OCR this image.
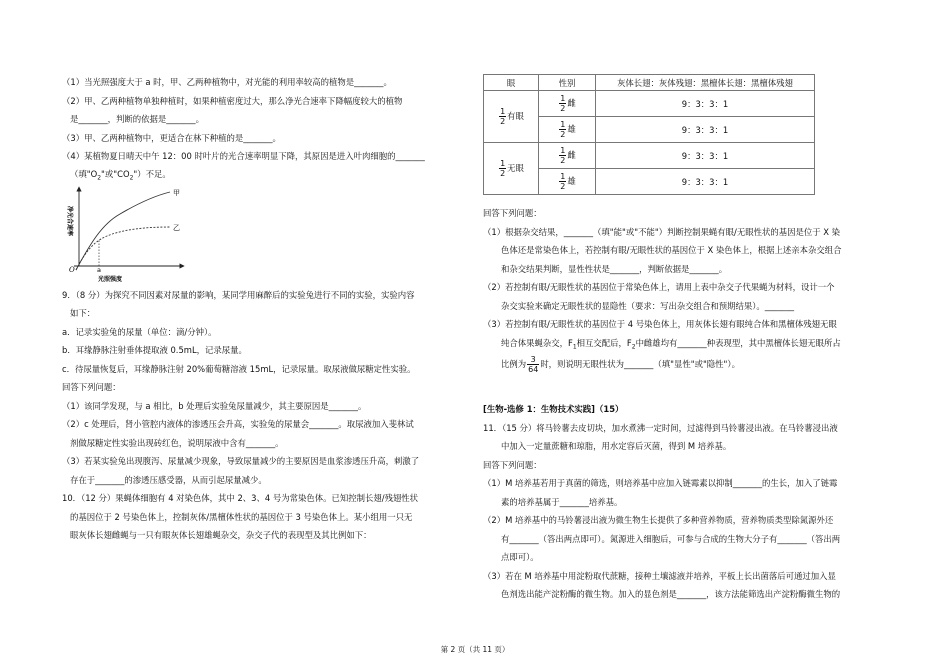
（1）当光照强度大于 a 时，甲、乙两种植物中，对光能的利用率较高的植物是_______。
（2）甲、乙两种植物单独种植时，如果种植密度过大，那么净光合速率下降幅度较大的植物
是_______，判断的依据是_______。
（3）甲、乙两种植物中，更适合在林下种植的是_______。
（4）某植物夏日晴天中午 12：00 时叶片的光合速率明显下降，其原因是进入叶肉细胞的_______
（填"$O_2$"或"$CO_2$"）不足。
净光合速率
O	a
光照强度
甲
乙
9．（8 分）为探究不同因素对尿量的影响，某同学用麻醉后的实验兔进行不同的实验，实验内容
如下：
a．记录实验兔的尿量（单位：滴/分钟）。
b．耳缘静脉注射垂体提取液 0.5mL，记录尿量。
c．待尿量恢复后，耳缘静脉注射 20%葡萄糖溶液 15mL，记录尿量。取尿液做尿糖定性实验。
回答下列问题：
（1）该同学发现，与 a 相比，b 处理后实验兔尿量减少，其主要原因是_______。
（2）c 处理后，肾小管腔内液体的渗透压会升高，实验兔的尿量会_______。取尿液加入斐林试
剂做尿糖定性实验出现砖红色，说明尿液中含有_______。
（3）若某实验兔出现腹泻、尿量减少现象，导致尿量减少的主要原因是血浆渗透压升高，刺激了
存在于_______的渗透压感受器，从而引起尿量减少。
10．（12 分）果蝇体细胞有 4 对染色体，其中 2、3、4 号为常染色体。已知控制长翅/残翅性状
的基因位于 2 号染色体上，控制灰体/黑檀体性状的基因位于 3 号染色体上。某小组用一只无
眼灰体长翅雌蝇与一只有眼灰体长翅雄蝇杂交，杂交子代的表现型及其比例如下：
眼	性别	灰体长翅：灰体残翅：黑檀体长翅：黑檀体残翅

$\frac{1}{2}$ 有眼	$\frac{1}{2}$ 雌	9：3：3：1

	$\frac{1}{2}$ 雄	9：3：3：1

$\frac{1}{2}$ 无眼	$\frac{1}{2}$ 雌	9：3：3：1

	$\frac{1}{2}$ 雄	9：3：3：1
回答下列问题：
（1）根据杂交结果，_______（填"能"或"不能"）判断控制果蝇有眼/无眼性状的基因是位于 X 染
色体还是常染色体上，若控制有眼/无眼性状的基因位于 X 染色体上，根据上述亲本杂交组合
和杂交结果判断，显性性状是_______，判断依据是_______。
（2）若控制有眼/无眼性状的基因位于常染色体上，请用上表中杂交子代果蝇为材料，设计一个
杂交实验来确定无眼性状的显隐性（要求：写出杂交组合和预期结果）。_______
（3）若控制有眼/无眼性状的基因位于 4 号染色体上，用灰体长翅有眼纯合体和黑檀体残翅无眼
纯合体果蝇杂交，$F_1$相互交配后，$F_2$中雌雄均有_______种表现型，其中黑檀体长翅无眼所占
比例为 $\frac{3}{64}$ 时，则说明无眼性状为_______（填"显性"或"隐性"）。
[生物-选修 1：生物技术实践]（15）
11．（15 分）将马铃薯去皮切块，加水煮沸一定时间，过滤得到马铃薯浸出液。在马铃薯浸出液
中加入一定量蔗糖和琼脂，用水定容后灭菌，得到 M 培养基。
回答下列问题：
（1）M 培养基若用于真菌的筛选，则培养基中应加入链霉素以抑制_______的生长，加入了链霉
素的培养基属于_______培养基。
（2）M 培养基中的马铃薯浸出液为微生物生长提供了多种营养物质，营养物质类型除氮源外还
有_______（答出两点即可）。氮源进入细胞后，可参与合成的生物大分子有_______（答出两
点即可）。
（3）若在 M 培养基中用淀粉取代蔗糖，接种土壤滤液并培养，平板上长出菌落后可通过加入显
色剂选出能产淀粉酶的微生物。加入的显色剂是_______，该方法能筛选出产淀粉酶微生物的
第 2 页（共 11 页）
